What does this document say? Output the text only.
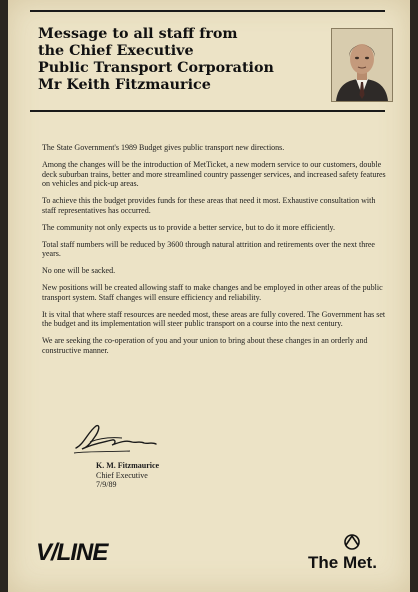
Message to all staff from
the Chief Executive
Public Transport Corporation
Mr Keith Fitzmaurice

The State Government's 1989 Budget gives public transport new directions.

Among the changes will be the introduction of MetTicket, a new modern service to our customers, double deck suburban trains, better and more streamlined country passenger services, and increased safety features on vehicles and pick-up areas.

To achieve this the budget provides funds for these areas that need it most. Exhaustive consultation with staff representatives has occurred.

The community not only expects us to provide a better service, but to do it more efficiently.

Total staff numbers will be reduced by 3600 through natural attrition and retirements over the next three years.

No one will be sacked.

New positions will be created allowing staff to make changes and be employed in other areas of the public transport system. Staff changes will ensure efficiency and reliability.

It is vital that where staff resources are needed most, these areas are fully covered. The Government has set the budget and its implementation will steer public transport on a course into the next century.

We are seeking the co-operation of you and your union to bring about these changes in an orderly and constructive manner.

K. M. Fitzmaurice
Chief Executive
7/9/89
V/LINE	The Met.
